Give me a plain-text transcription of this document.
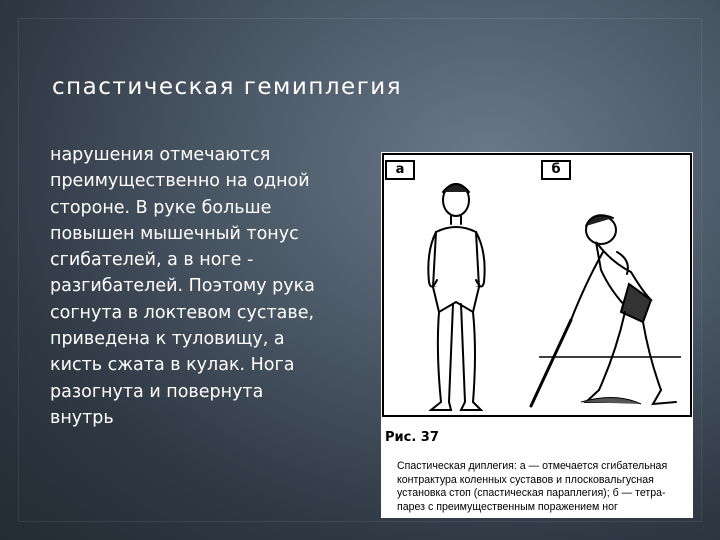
спастическая гемиплегия
нарушения отмечаются
преимущественно на одной
стороне. В руке больше
повышен мышечный тонус
сгибателей, а в ноге -
разгибателей. Поэтому рука
согнута в локтевом суставе,
приведена к туловищу, а
кисть сжата в кулак. Нога
разогнута и повернута
внутрь
а	б
Рис. 37
Спастическая диплегия: а — отмечается сгибательная
контрактура коленных суставов и плосковальгусная
установка стоп (спастическая параплегия); б — тетра-
парез с преимущественным поражением ног
